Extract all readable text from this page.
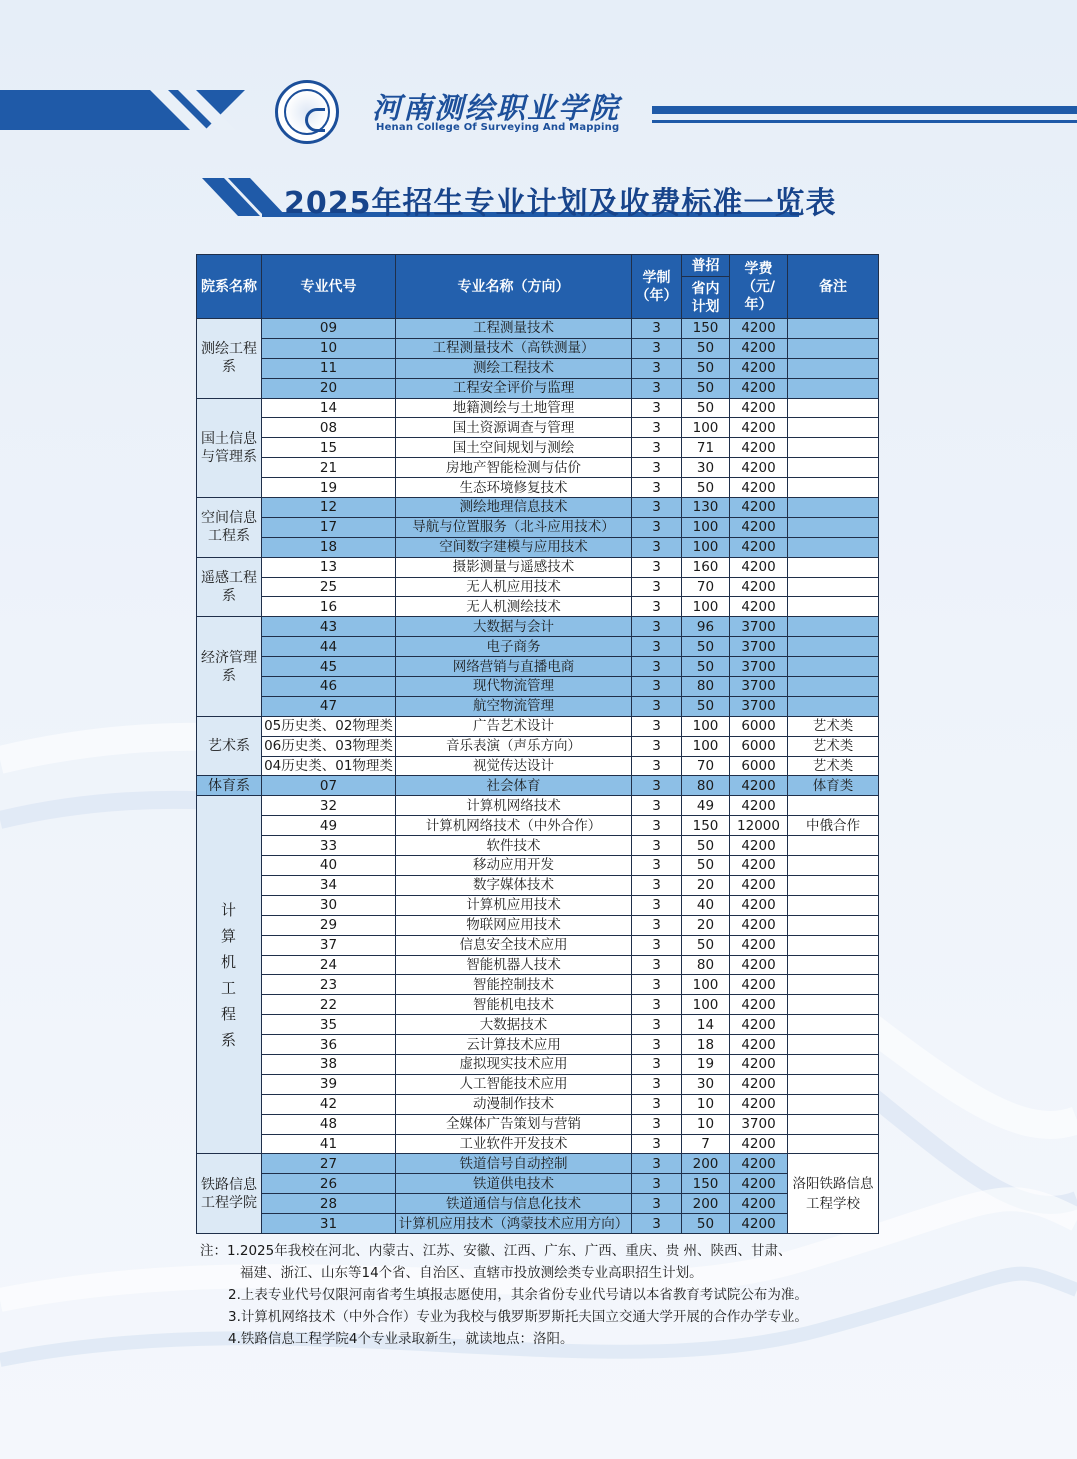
河南测绘职业学院
Henan College Of Surveying And Mapping
2025年招生专业计划及收费标准一览表
院系名称	专业代号	专业名称（方向）	学制（年）	普招	学费（元/年）	备注
				省内计划		
测绘工程系	09	工程测量技术	3	150	4200	
	10	工程测量技术（高铁测量）	3	50	4200	
	11	测绘工程技术	3	50	4200	
	20	工程安全评价与监理	3	50	4200	
国土信息与管理系	14	地籍测绘与土地管理	3	50	4200	
	08	国土资源调查与管理	3	100	4200	
	15	国土空间规划与测绘	3	71	4200	
	21	房地产智能检测与估价	3	30	4200	
	19	生态环境修复技术	3	50	4200	
空间信息工程系	12	测绘地理信息技术	3	130	4200	
	17	导航与位置服务（北斗应用技术）	3	100	4200	
	18	空间数字建模与应用技术	3	100	4200	
遥感工程系	13	摄影测量与遥感技术	3	160	4200	
	25	无人机应用技术	3	70	4200	
	16	无人机测绘技术	3	100	4200	
经济管理系	43	大数据与会计	3	96	3700	
	44	电子商务	3	50	3700	
	45	网络营销与直播电商	3	50	3700	
	46	现代物流管理	3	80	3700	
	47	航空物流管理	3	50	3700	
艺术系	05历史类、02物理类	广告艺术设计	3	100	6000	艺术类
	06历史类、03物理类	音乐表演（声乐方向）	3	100	6000	艺术类
	04历史类、01物理类	视觉传达设计	3	70	6000	艺术类
体育系	07	社会体育	3	80	4200	体育类
计算机工程系	32	计算机网络技术	3	49	4200	
	49	计算机网络技术（中外合作）	3	150	12000	中俄合作
	33	软件技术	3	50	4200	
	40	移动应用开发	3	50	4200	
	34	数字媒体技术	3	20	4200	
	30	计算机应用技术	3	40	4200	
	29	物联网应用技术	3	20	4200	
	37	信息安全技术应用	3	50	4200	
	24	智能机器人技术	3	80	4200	
	23	智能控制技术	3	100	4200	
	22	智能机电技术	3	100	4200	
	35	大数据技术	3	14	4200	
	36	云计算技术应用	3	18	4200	
	38	虚拟现实技术应用	3	19	4200	
	39	人工智能技术应用	3	30	4200	
	42	动漫制作技术	3	10	4200	
	48	全媒体广告策划与营销	3	10	3700	
	41	工业软件开发技术	3	7	4200	
铁路信息工程学院	27	铁道信号自动控制	3	200	4200	洛阳铁路信息工程学校
	26	铁道供电技术	3	150	4200	
	28	铁道通信与信息化技术	3	200	4200	
	31	计算机应用技术（鸿蒙技术应用方向）	3	50	4200	
注：1.2025年我校在河北、内蒙古、江苏、安徽、江西、广东、广西、重庆、贵 州、陕西、甘肃、
福建、浙江、山东等14个省、自治区、直辖市投放测绘类专业高职招生计划。
2.上表专业代号仅限河南省考生填报志愿使用，其余省份专业代号请以本省教育考试院公布为准。
3.计算机网络技术（中外合作）专业为我校与俄罗斯罗斯托夫国立交通大学开展的合作办学专业。
4.铁路信息工程学院4个专业录取新生，就读地点：洛阳。
